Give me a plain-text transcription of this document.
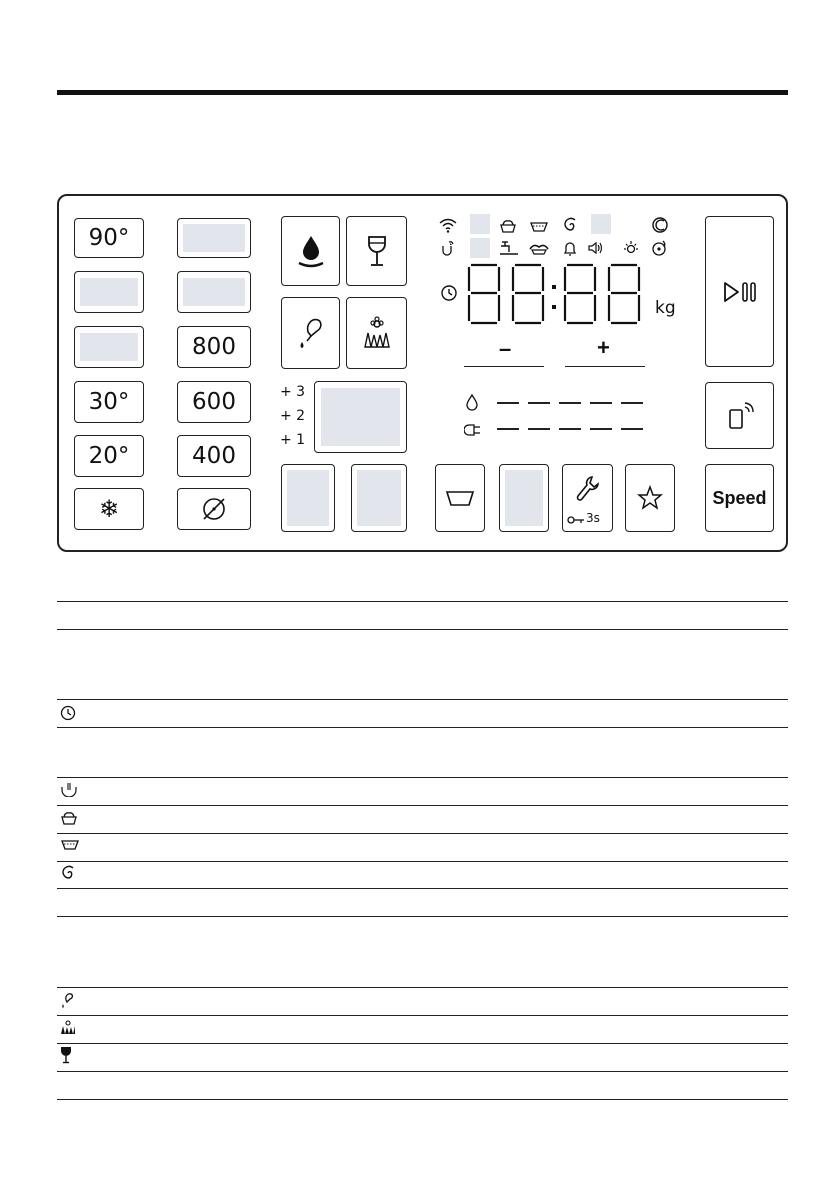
90°
30°
20°
❄
800
600
400
+ 3
+ 2
+ 1
3s
kg
–	+
Speed
